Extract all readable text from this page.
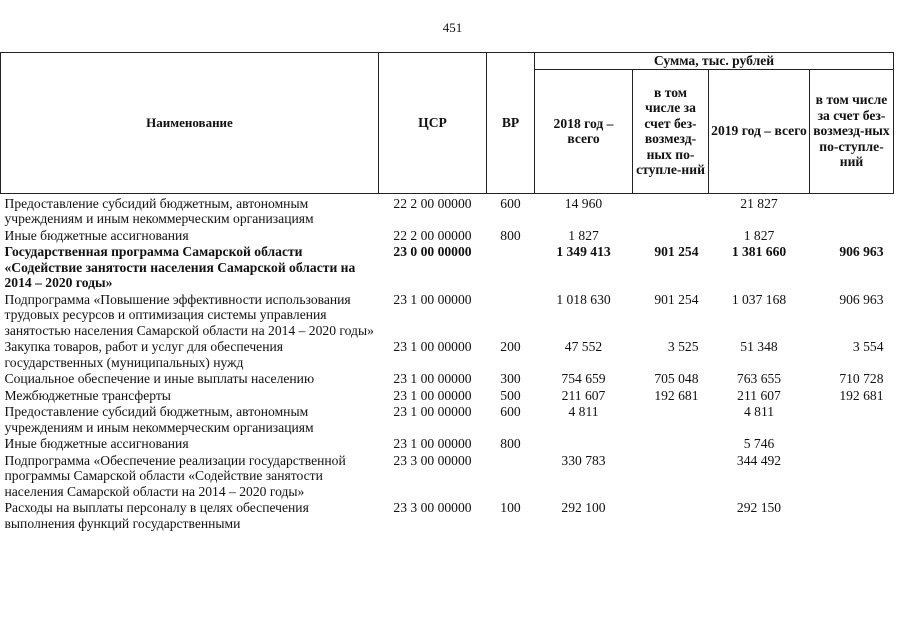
451
Наименование	ЦСР	ВР	Сумма, тыс. рублей			
			2018 год – всего	в том числе за счет без-возмезд-ных по-ступле-ний	2019 год – всего	в том числе за счет без-возмезд-ных по-ступле-ний
Предоставление субсидий бюджетным, автономным учреждениям и иным некоммерческим организациям	22 2 00 00000	600	14 960		21 827	
Иные бюджетные ассигнования	22 2 00 00000	800	1 827		1 827	
Государственная программа Самарской области «Содействие занятости населения Самарской области на 2014 – 2020 годы»	23 0 00 00000		1 349 413	901 254	1 381 660	906 963
Подпрограмма «Повышение эффективности использования трудовых ресурсов и оптимизация системы управления занятостью населения Самарской области на 2014 – 2020 годы»	23 1 00 00000		1 018 630	901 254	1 037 168	906 963
Закупка товаров, работ и услуг для обеспечения государственных (муниципальных) нужд	23 1 00 00000	200	47 552	3 525	51 348	3 554
Социальное обеспечение и иные выплаты населению	23 1 00 00000	300	754 659	705 048	763 655	710 728
Межбюджетные трансферты	23 1 00 00000	500	211 607	192 681	211 607	192 681
Предоставление субсидий бюджетным, автономным учреждениям и иным некоммерческим организациям	23 1 00 00000	600	4 811		4 811	
Иные бюджетные ассигнования	23 1 00 00000	800			5 746	
Подпрограмма «Обеспечение реализации государственной программы Самарской области «Содействие занятости населения Самарской области на 2014 – 2020 годы»	23 3 00 00000		330 783		344 492	
Расходы на выплаты персоналу в целях обеспечения выполнения функций государственными	23 3 00 00000	100	292 100		292 150	
